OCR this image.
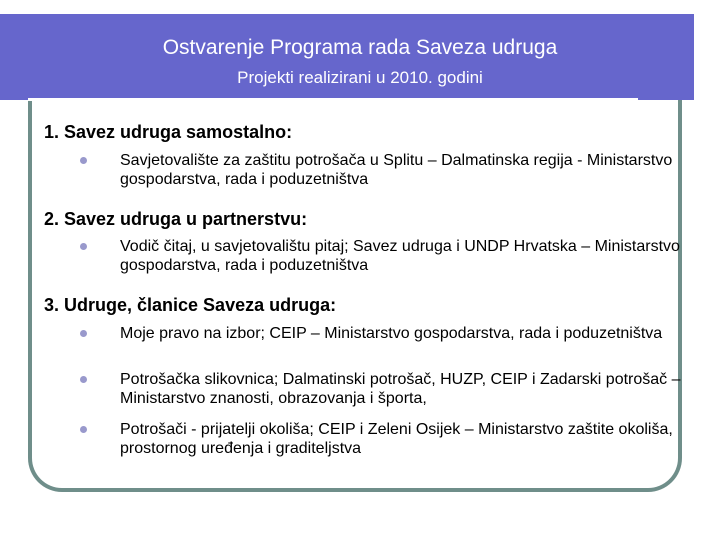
Ostvarenje Programa rada Saveza udruga
Projekti realizirani u 2010. godini
1. Savez udruga samostalno:
Savjetovalište za zaštitu potrošača u Splitu – Dalmatinska regija - Ministarstvo gospodarstva, rada i poduzetništva
2. Savez udruga u partnerstvu:
Vodič čitaj, u savjetovalištu pitaj; Savez udruga i UNDP Hrvatska – Ministarstvo gospodarstva, rada i poduzetništva
3. Udruge, članice Saveza udruga:
Moje pravo na izbor; CEIP – Ministarstvo gospodarstva, rada i poduzetništva
Potrošačka slikovnica; Dalmatinski potrošač, HUZP, CEIP i Zadarski potrošač – Ministarstvo znanosti, obrazovanja i športa,
Potrošači - prijatelji okoliša; CEIP i Zeleni Osijek – Ministarstvo zaštite okoliša, prostornog uređenja i graditeljstva
